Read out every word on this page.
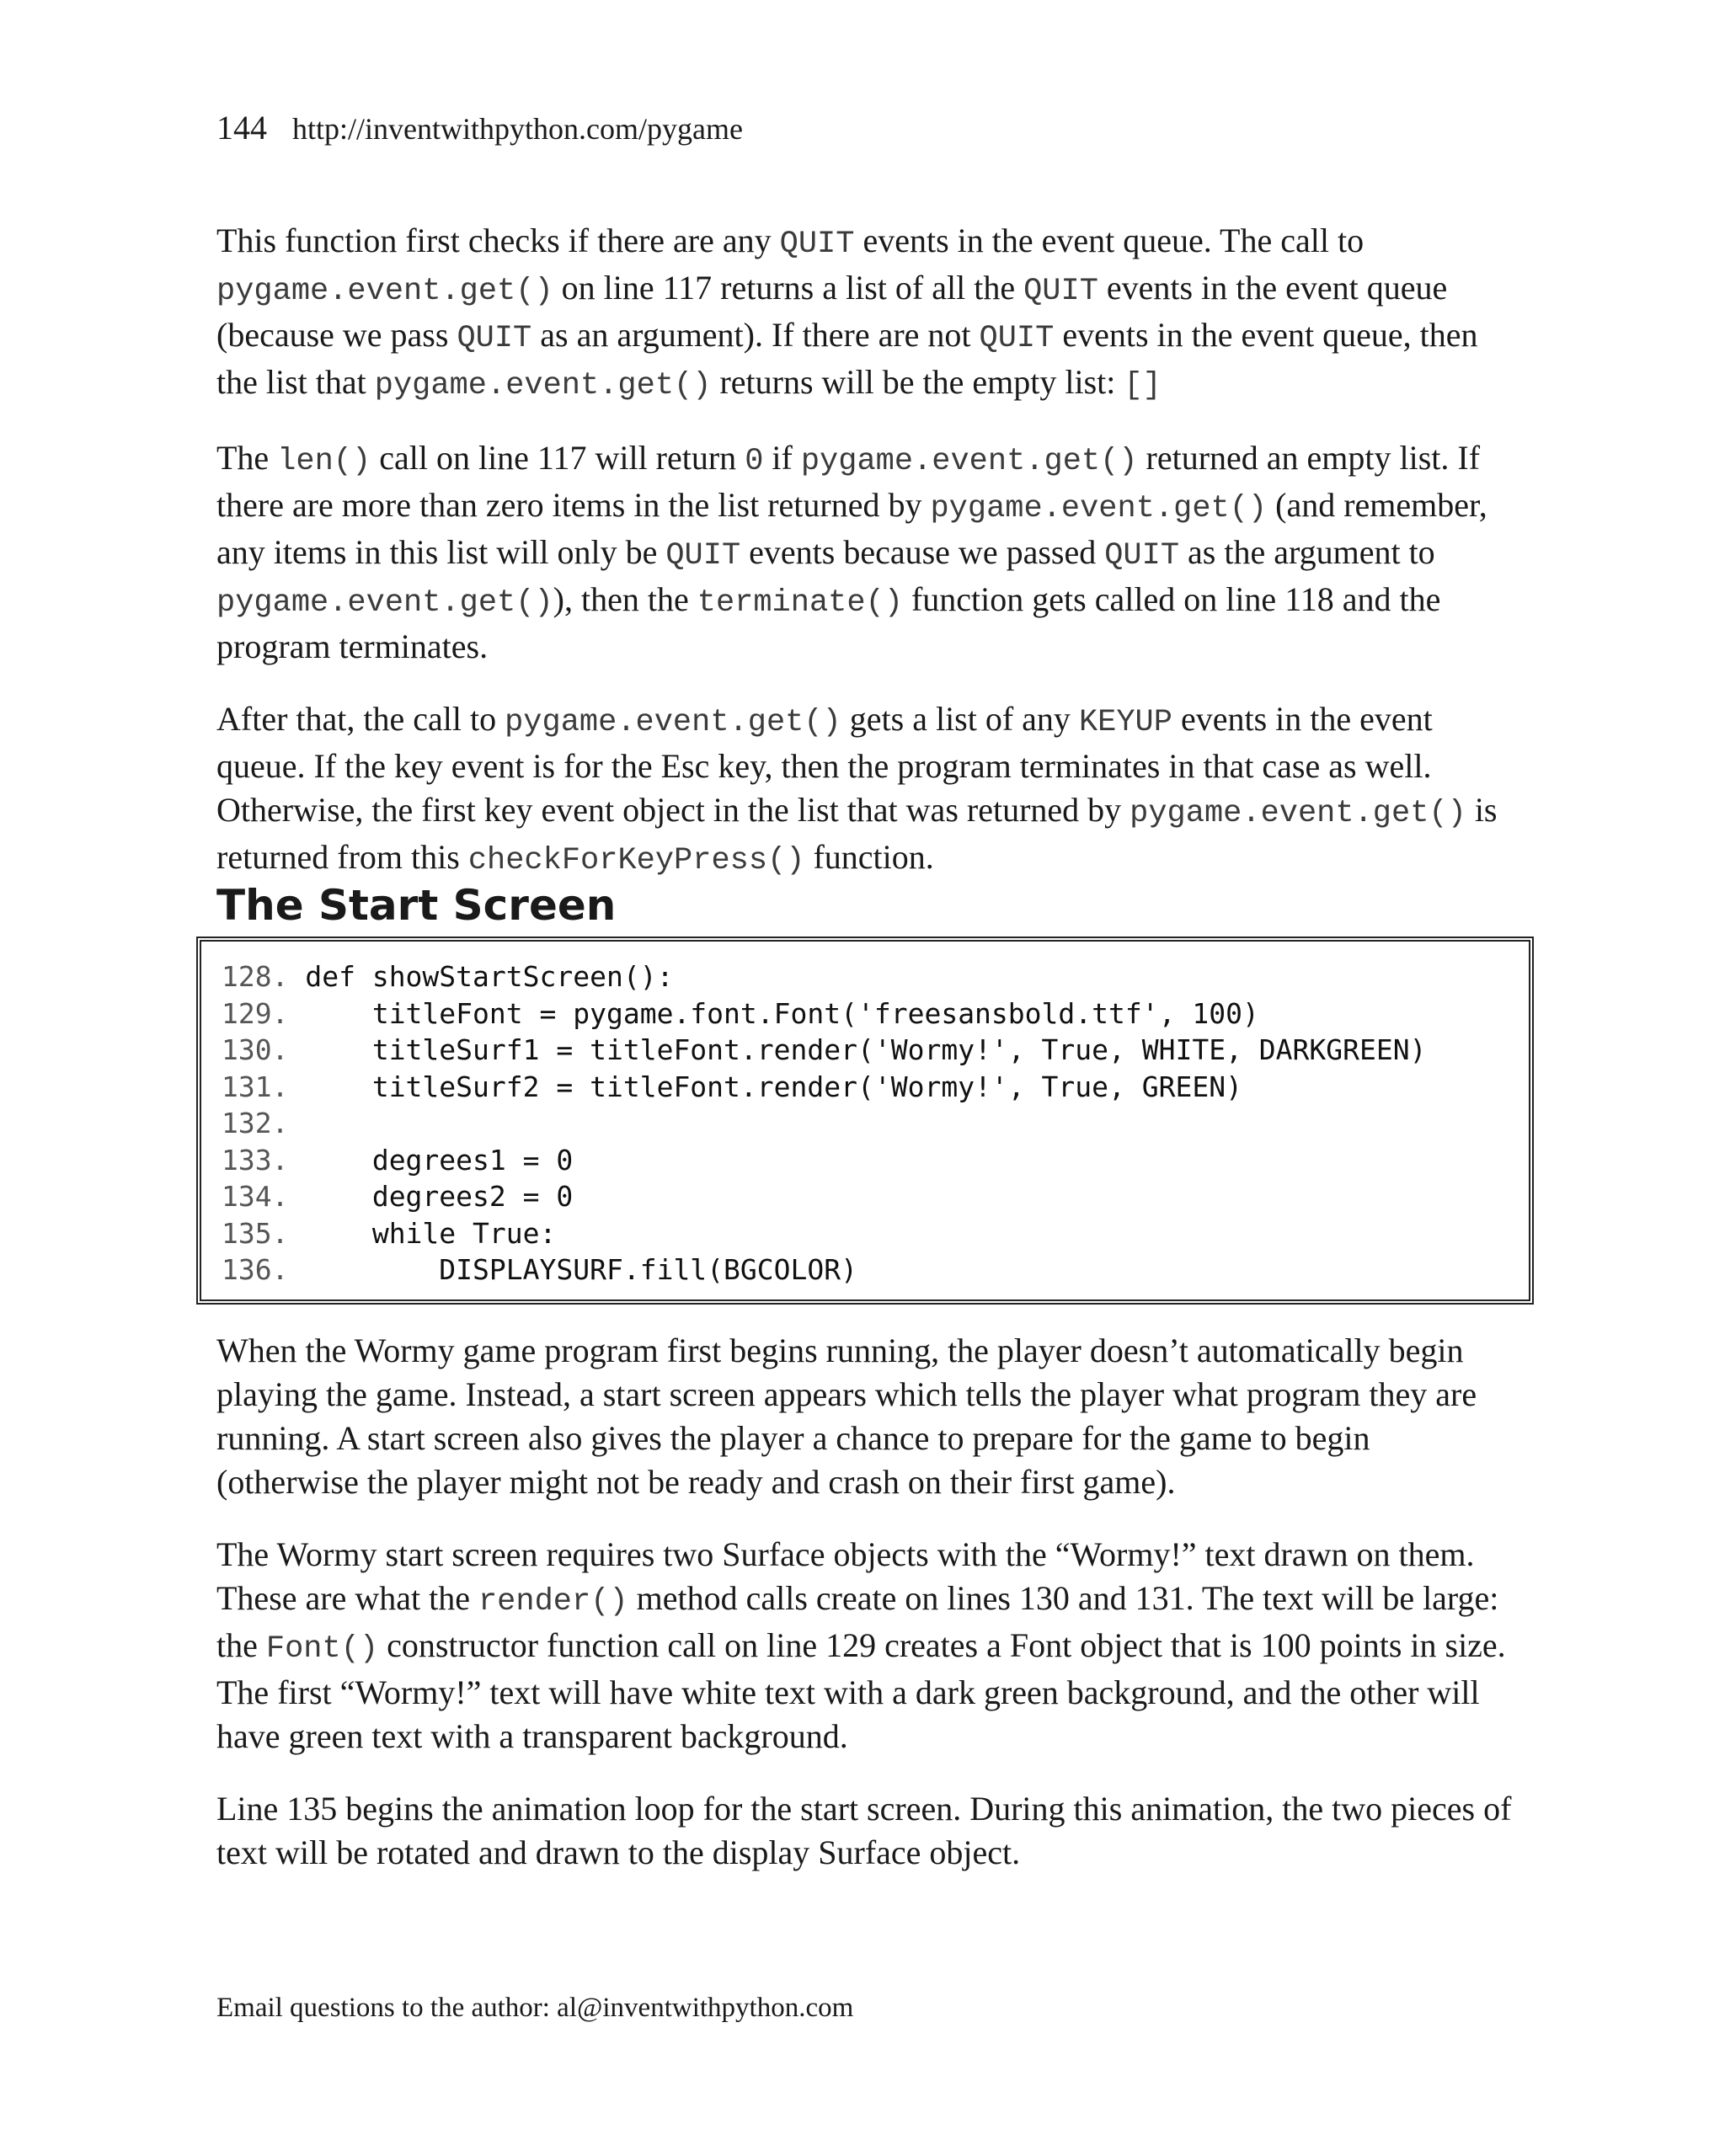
144 http://inventwithpython.com/pygame

This function first checks if there are any QUIT events in the event queue. The call to pygame.event.get() on line 117 returns a list of all the QUIT events in the event queue (because we pass QUIT as an argument). If there are not QUIT events in the event queue, then the list that pygame.event.get() returns will be the empty list: []

The len() call on line 117 will return 0 if pygame.event.get() returned an empty list. If there are more than zero items in the list returned by pygame.event.get() (and remember, any items in this list will only be QUIT events because we passed QUIT as the argument to pygame.event.get()), then the terminate() function gets called on line 118 and the program terminates.

After that, the call to pygame.event.get() gets a list of any KEYUP events in the event queue. If the key event is for the Esc key, then the program terminates in that case as well. Otherwise, the first key event object in the list that was returned by pygame.event.get() is returned from this checkForKeyPress() function.

The Start Screen
128. def showStartScreen():
129.     titleFont = pygame.font.Font('freesansbold.ttf', 100)
130.     titleSurf1 = titleFont.render('Wormy!', True, WHITE, DARKGREEN)
131.     titleSurf2 = titleFont.render('Wormy!', True, GREEN)
132.
133.     degrees1 = 0
134.     degrees2 = 0
135.     while True:
136.         DISPLAYSURF.fill(BGCOLOR)

When the Wormy game program first begins running, the player doesn’t automatically begin playing the game. Instead, a start screen appears which tells the player what program they are running. A start screen also gives the player a chance to prepare for the game to begin (otherwise the player might not be ready and crash on their first game).

The Wormy start screen requires two Surface objects with the “Wormy!” text drawn on them. These are what the render() method calls create on lines 130 and 131. The text will be large: the Font() constructor function call on line 129 creates a Font object that is 100 points in size. The first “Wormy!” text will have white text with a dark green background, and the other will have green text with a transparent background.

Line 135 begins the animation loop for the start screen. During this animation, the two pieces of text will be rotated and drawn to the display Surface object.

Email questions to the author: al@inventwithpython.com
